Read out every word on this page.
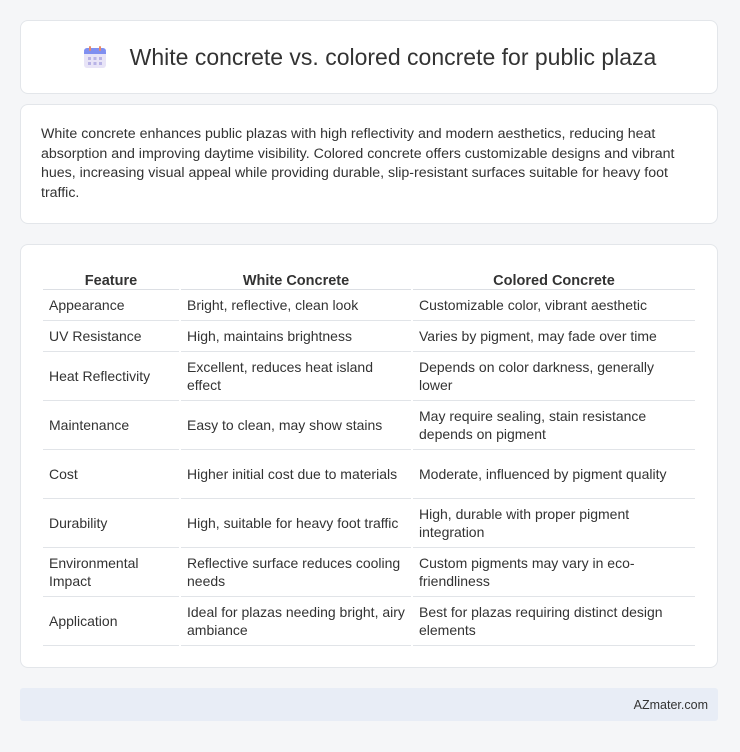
White concrete vs. colored concrete for public plaza

White concrete enhances public plazas with high reflectivity and modern aesthetics, reducing heat absorption and improving daytime visibility. Colored concrete offers customizable designs and vibrant hues, increasing visual appeal while providing durable, slip-resistant surfaces suitable for heavy foot traffic.

Feature	White Concrete	Colored Concrete
Appearance	Bright, reflective, clean look	Customizable color, vibrant aesthetic
UV Resistance	High, maintains brightness	Varies by pigment, may fade over time
Heat Reflectivity	Excellent, reduces heat island effect	Depends on color darkness, generally lower
Maintenance	Easy to clean, may show stains	May require sealing, stain resistance depends on pigment
Cost	Higher initial cost due to materials	Moderate, influenced by pigment quality
Durability	High, suitable for heavy foot traffic	High, durable with proper pigment integration
Environmental Impact	Reflective surface reduces cooling needs	Custom pigments may vary in eco-friendliness
Application	Ideal for plazas needing bright, airy ambiance	Best for plazas requiring distinct design elements
AZmater.com
